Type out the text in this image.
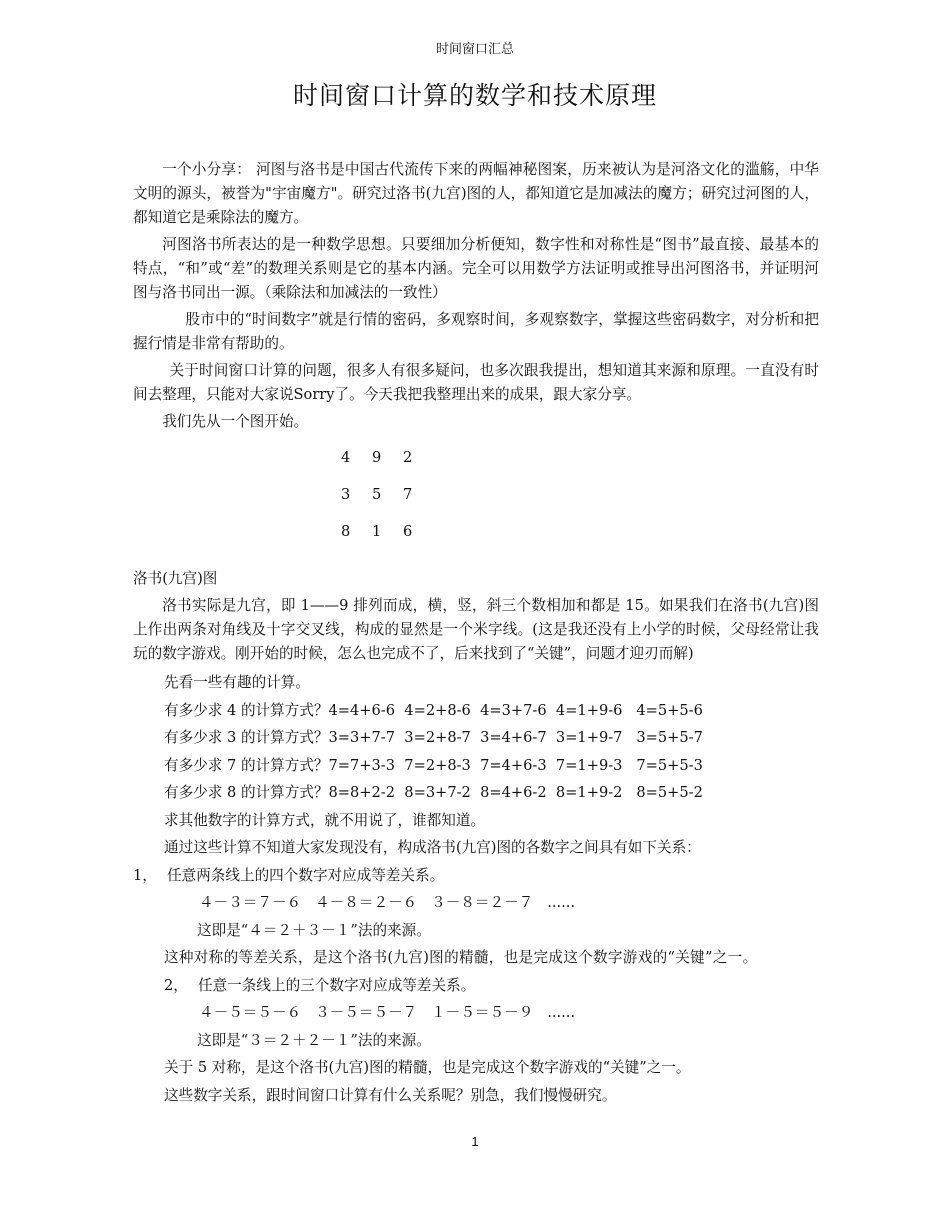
时间窗口汇总
时间窗口计算的数学和技术原理

一个小分享： 河图与洛书是中国古代流传下来的两幅神秘图案，历来被认为是河洛文化的滥觞，中华文明的源头，被誉为"宇宙魔方"。研究过洛书(九宫)图的人，都知道它是加减法的魔方；研究过河图的人，都知道它是乘除法的魔方。

河图洛书所表达的是一种数学思想。只要细加分析便知，数字性和对称性是“图书”最直接、最基本的特点，“和”或“差”的数理关系则是它的基本内涵。完全可以用数学方法证明或推导出河图洛书，并证明河图与洛书同出一源。（乘除法和加减法的一致性）

股市中的“时间数字”就是行情的密码，多观察时间，多观察数字，掌握这些密码数字，对分析和把握行情是非常有帮助的。

关于时间窗口计算的问题，很多人有很多疑问，也多次跟我提出，想知道其来源和原理。一直没有时间去整理，只能对大家说Sorry了。今天我把我整理出来的成果，跟大家分享。

我们先从一个图开始。

4	9	2
3	5	7
8	1	6

洛书(九宫)图

洛书实际是九宫，即 1——9 排列而成，横，竖，斜三个数相加和都是 15。如果我们在洛书(九宫)图上作出两条对角线及十字交叉线，构成的显然是一个米字线。(这是我还没有上小学的时候，父母经常让我玩的数字游戏。刚开始的时候，怎么也完成不了，后来找到了“关键”，问题才迎刃而解)

先看一些有趣的计算。
有多少求 4 的计算方式？4=4+6-6  4=2+8-6  4=3+7-6  4=1+9-6   4=5+5-6
有多少求 3 的计算方式？3=3+7-7  3=2+8-7  3=4+6-7  3=1+9-7   3=5+5-7
有多少求 7 的计算方式？7=7+3-3  7=2+8-3  7=4+6-3  7=1+9-3   7=5+5-3
有多少求 8 的计算方式？8=8+2-2  8=3+7-2  8=4+6-2  8=1+9-2   8=5+5-2
求其他数字的计算方式，就不用说了，谁都知道。
通过这些计算不知道大家发现没有，构成洛书(九宫)图的各数字之间具有如下关系：
1， 任意两条线上的四个数字对应成等差关系。
４－３＝７－６   ４－８＝２－６   ３－８＝２－７   ......
这即是“４＝２＋３－１”法的来源。
这种对称的等差关系，是这个洛书(九宫)图的精髓，也是完成这个数字游戏的“关键”之一。
2， 任意一条线上的三个数字对应成等差关系。
４－５＝５－６   ３－５＝５－７   １－５＝５－９   ......
这即是“３＝２＋２－１”法的来源。
关于 5 对称，是这个洛书(九宫)图的精髓，也是完成这个数字游戏的“关键”之一。
这些数字关系，跟时间窗口计算有什么关系呢？别急，我们慢慢研究。
1
